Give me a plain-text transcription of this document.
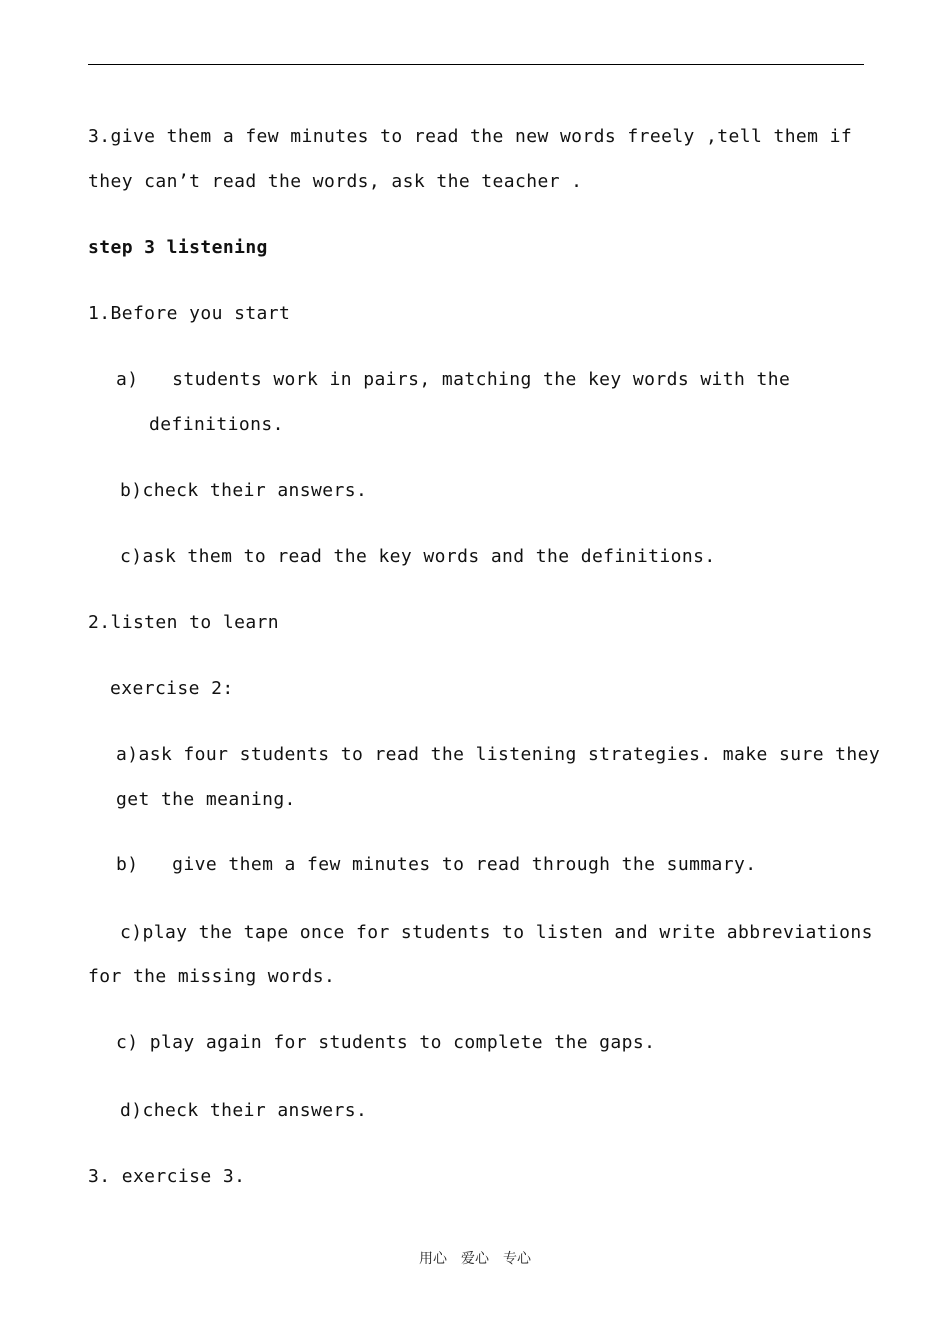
3.give them a few minutes to read the new words freely ,tell them if
they can’t read the words, ask the teacher .
step 3 listening
1.Before you start
a)   students work in pairs, matching the key words with the
definitions.
b)check their answers.
c)ask them to read the key words and the definitions.
2.listen to learn
exercise 2:
a)ask four students to read the listening strategies. make sure they
get the meaning.
b)   give them a few minutes to read through the summary.
c)play the tape once for students to listen and write abbreviations
for the missing words.
c) play again for students to complete the gaps.
d)check their answers.
3. exercise 3.
用心　爱心　专心
